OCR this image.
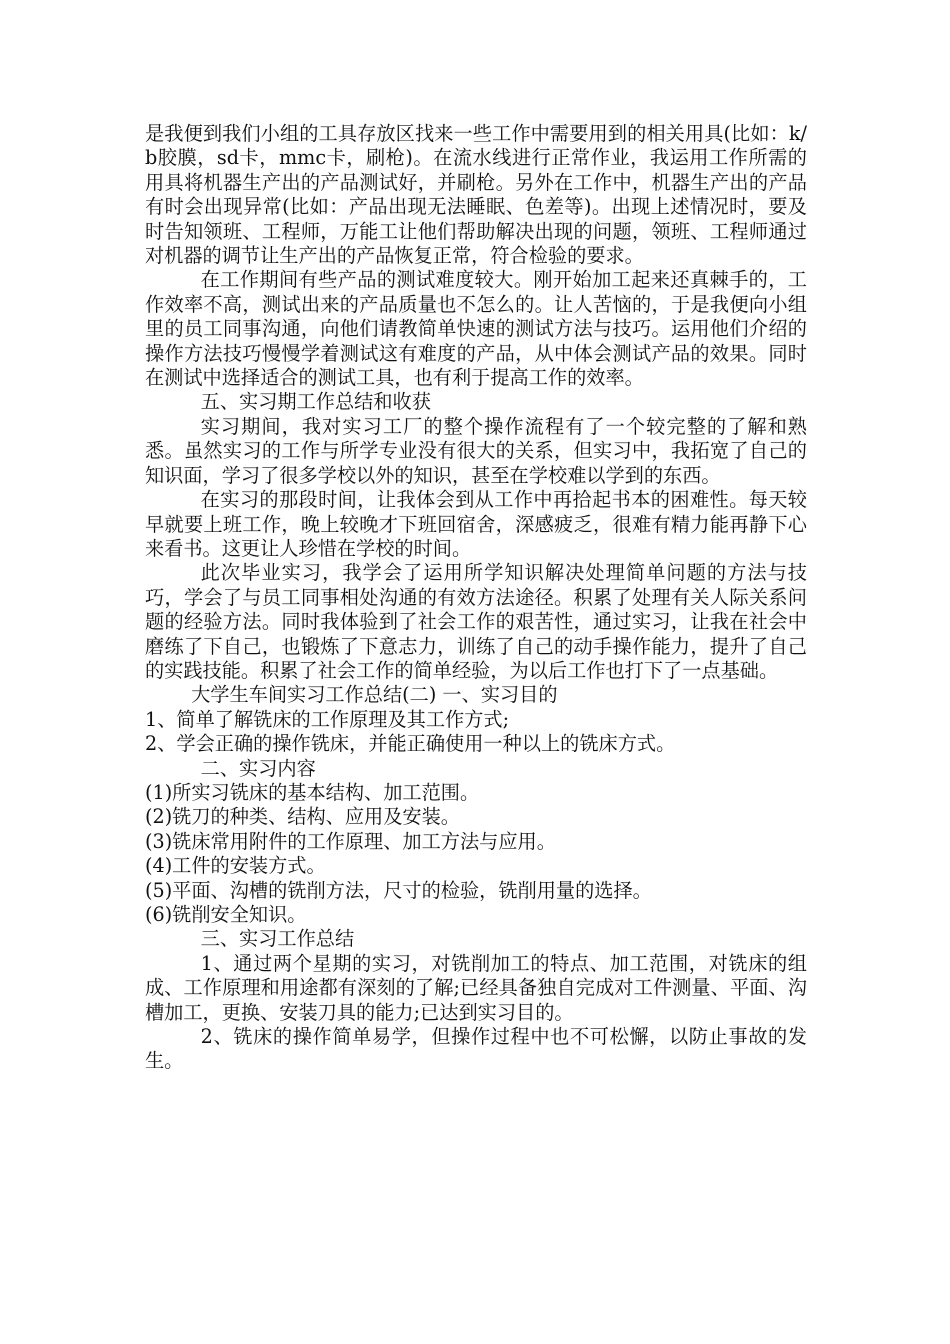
是我便到我们小组的工具存放区找来一些工作中需要用到的相关用具(比如：k/b胶膜，sd卡，mmc卡，刷枪)。在流水线进行正常作业，我运用工作所需的用具将机器生产出的产品测试好，并刷枪。另外在工作中，机器生产出的产品有时会出现异常(比如：产品出现无法睡眠、色差等)。出现上述情况时，要及时告知领班、工程师，万能工让他们帮助解决出现的问题，领班、工程师通过对机器的调节让生产出的产品恢复正常，符合检验的要求。

在工作期间有些产品的测试难度较大。刚开始加工起来还真棘手的，工作效率不高，测试出来的产品质量也不怎么的。让人苦恼的，于是我便向小组里的员工同事沟通，向他们请教简单快速的测试方法与技巧。运用他们介绍的操作方法技巧慢慢学着测试这有难度的产品，从中体会测试产品的效果。同时在测试中选择适合的测试工具，也有利于提高工作的效率。

五、实习期工作总结和收获

实习期间，我对实习工厂的整个操作流程有了一个较完整的了解和熟悉。虽然实习的工作与所学专业没有很大的关系，但实习中，我拓宽了自己的知识面，学习了很多学校以外的知识，甚至在学校难以学到的东西。

在实习的那段时间，让我体会到从工作中再拾起书本的困难性。每天较早就要上班工作，晚上较晚才下班回宿舍，深感疲乏，很难有精力能再静下心来看书。这更让人珍惜在学校的时间。

此次毕业实习，我学会了运用所学知识解决处理简单问题的方法与技巧，学会了与员工同事相处沟通的有效方法途径。积累了处理有关人际关系问题的经验方法。同时我体验到了社会工作的艰苦性，通过实习，让我在社会中磨练了下自己，也锻炼了下意志力，训练了自己的动手操作能力，提升了自己的实践技能。积累了社会工作的简单经验，为以后工作也打下了一点基础。

大学生车间实习工作总结(二) 一、实习目的

1、简单了解铣床的工作原理及其工作方式;

2、学会正确的操作铣床，并能正确使用一种以上的铣床方式。

二、实习内容

(1)所实习铣床的基本结构、加工范围。

(2)铣刀的种类、结构、应用及安装。

(3)铣床常用附件的工作原理、加工方法与应用。

(4)工件的安装方式。

(5)平面、沟槽的铣削方法，尺寸的检验，铣削用量的选择。

(6)铣削安全知识。

三、实习工作总结

1、通过两个星期的实习，对铣削加工的特点、加工范围，对铣床的组成、工作原理和用途都有深刻的了解;已经具备独自完成对工件测量、平面、沟槽加工，更换、安装刀具的能力;已达到实习目的。

2、铣床的操作简单易学，但操作过程中也不可松懈，以防止事故的发生。
